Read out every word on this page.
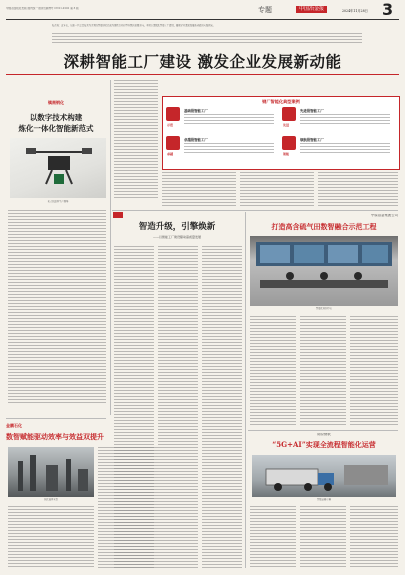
中国冶金报社出版 国内统一连续出版物号 CN11-0101 第 3 版	专题	中国冶金报	2024年11月28日 3
编者按：近年来，以新一代信息技术为引领的智能制造已成为钢铁行业转型升级的重要方向。本期专题聚焦智能工厂建设，展现企业激发发展新动能的实践探索。
深耕智能工厂建设 激发企业发展新动能
镇商钢化
以数字技术构建
炼化一体化智能新范式
无人机巡检生产现场
金鹏石化
数智赋能驱动效率与效益双提升
炼化装置全景
钢厂智能化典型案例
基础级智能工厂
示范
先进级智能工厂
先进
卓越级智能工厂
卓越
领航级智能工厂
领航
智造升级，引擎焕新
——以智能工厂建设驱动高质量发展
中原冶金集团公司
打造高含硫气田数智融合示范工程
智能化控制中心
南京钢铁
“5G+AI”实现全流程智能化运营
智能运输车辆
